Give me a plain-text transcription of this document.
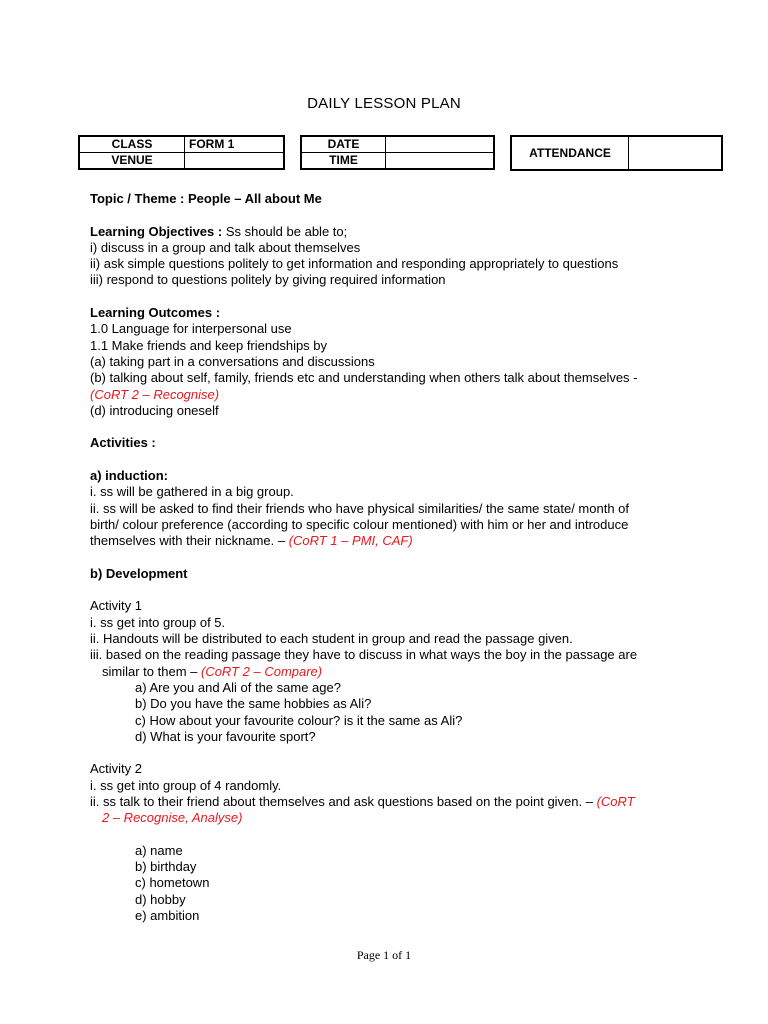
DAILY LESSON PLAN
CLASS	FORM 1
VENUE	
DATE	
TIME	
ATTENDANCE	

Topic / Theme : People – All about Me

Learning Objectives : Ss should be able to;

i) discuss in a group and talk about themselves

ii) ask simple questions politely to get information and responding appropriately to questions

iii) respond to questions politely by giving required information

Learning Outcomes :

1.0 Language for interpersonal use

1.1 Make friends and keep friendships by

(a) taking part in a conversations and discussions

(b) talking about self, family, friends etc and understanding when others talk about themselves -

(CoRT 2 – Recognise)

(d) introducing oneself

Activities :

a) induction:

i. ss will be gathered in a big group.

ii. ss will be asked to find their friends who have physical similarities/ the same state/ month of

birth/ colour preference (according to specific colour mentioned) with him or her and introduce

themselves with their nickname. – (CoRT 1 – PMI, CAF)

b) Development

Activity 1

i. ss get into group of 5.

ii. Handouts will be distributed to each student in group and read the passage given.

iii. based on the reading passage they have to discuss in what ways the boy in the passage are

similar to them – (CoRT 2 – Compare)

a) Are you and Ali of the same age?

b) Do you have the same hobbies as Ali?

c) How about your favourite colour? is it the same as Ali?

d) What is your favourite sport?

Activity 2

i. ss get into group of 4 randomly.

ii. ss talk to their friend about themselves and ask questions based on the point given. – (CoRT

2 – Recognise, Analyse)

a) name

b) birthday

c) hometown

d) hobby

e) ambition

Page 1 of 1
